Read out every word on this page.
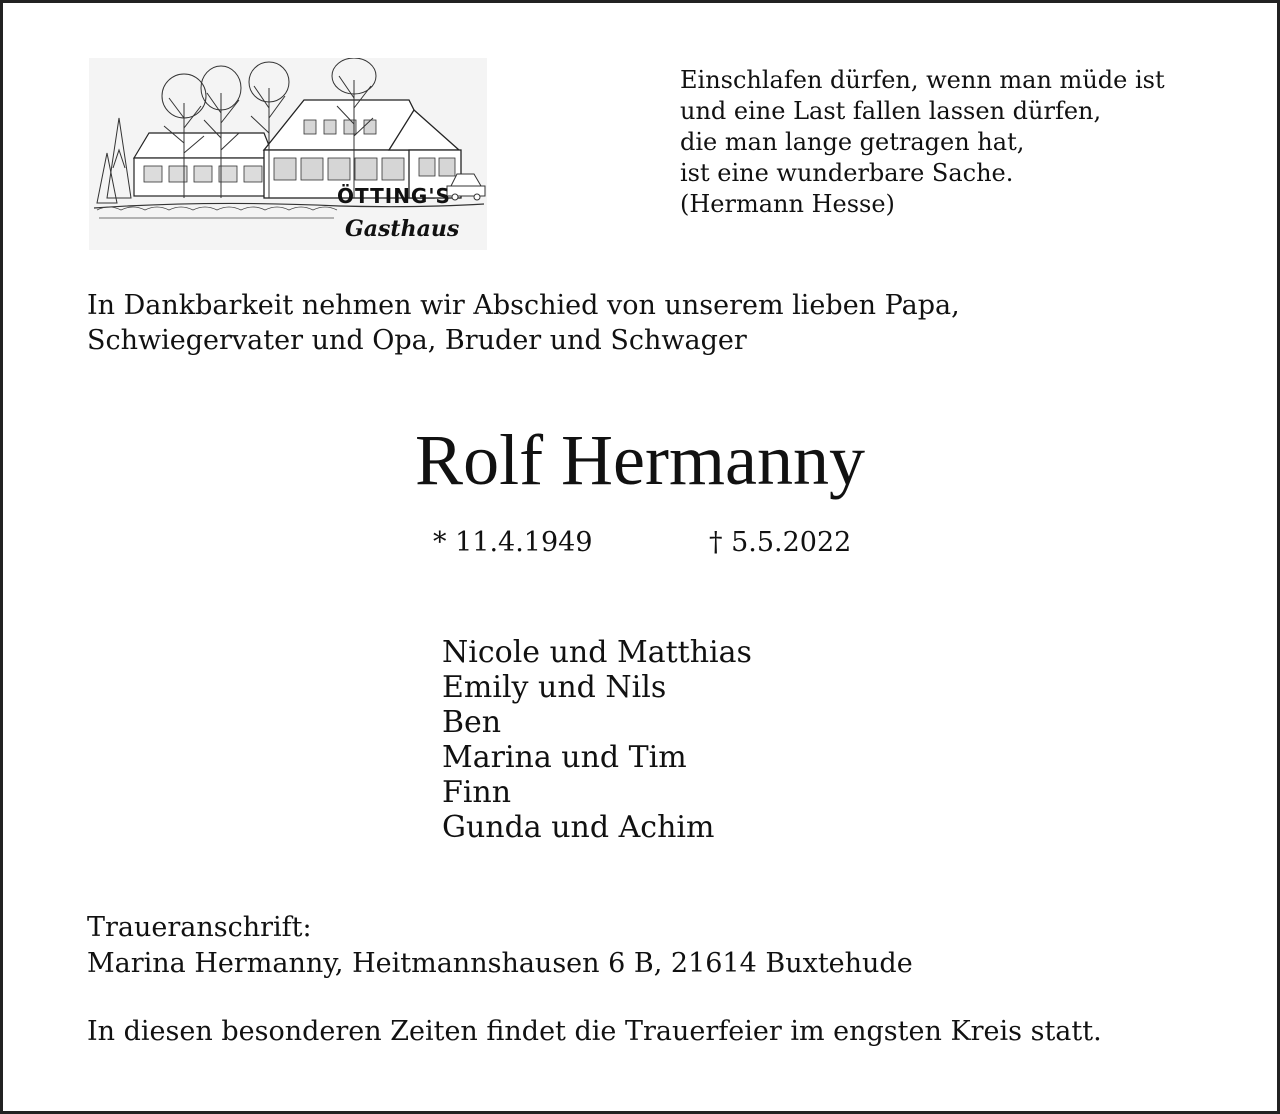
ÖTTING'S
Gasthaus
Einschlafen dürfen, wenn man müde ist
und eine Last fallen lassen dürfen,
die man lange getragen hat,
ist eine wunderbare Sache.
(Hermann Hesse)
In Dankbarkeit nehmen wir Abschied von unserem lieben Papa,
Schwiegervater und Opa, Bruder und Schwager
Rolf Hermanny
* 11.4.1949	† 5.5.2022
Nicole und Matthias
Emily und Nils
Ben
Marina und Tim
Finn
Gunda und Achim
Traueranschrift:
Marina Hermanny, Heitmannshausen 6 B, 21614 Buxtehude
In diesen besonderen Zeiten findet die Trauerfeier im engsten Kreis statt.
